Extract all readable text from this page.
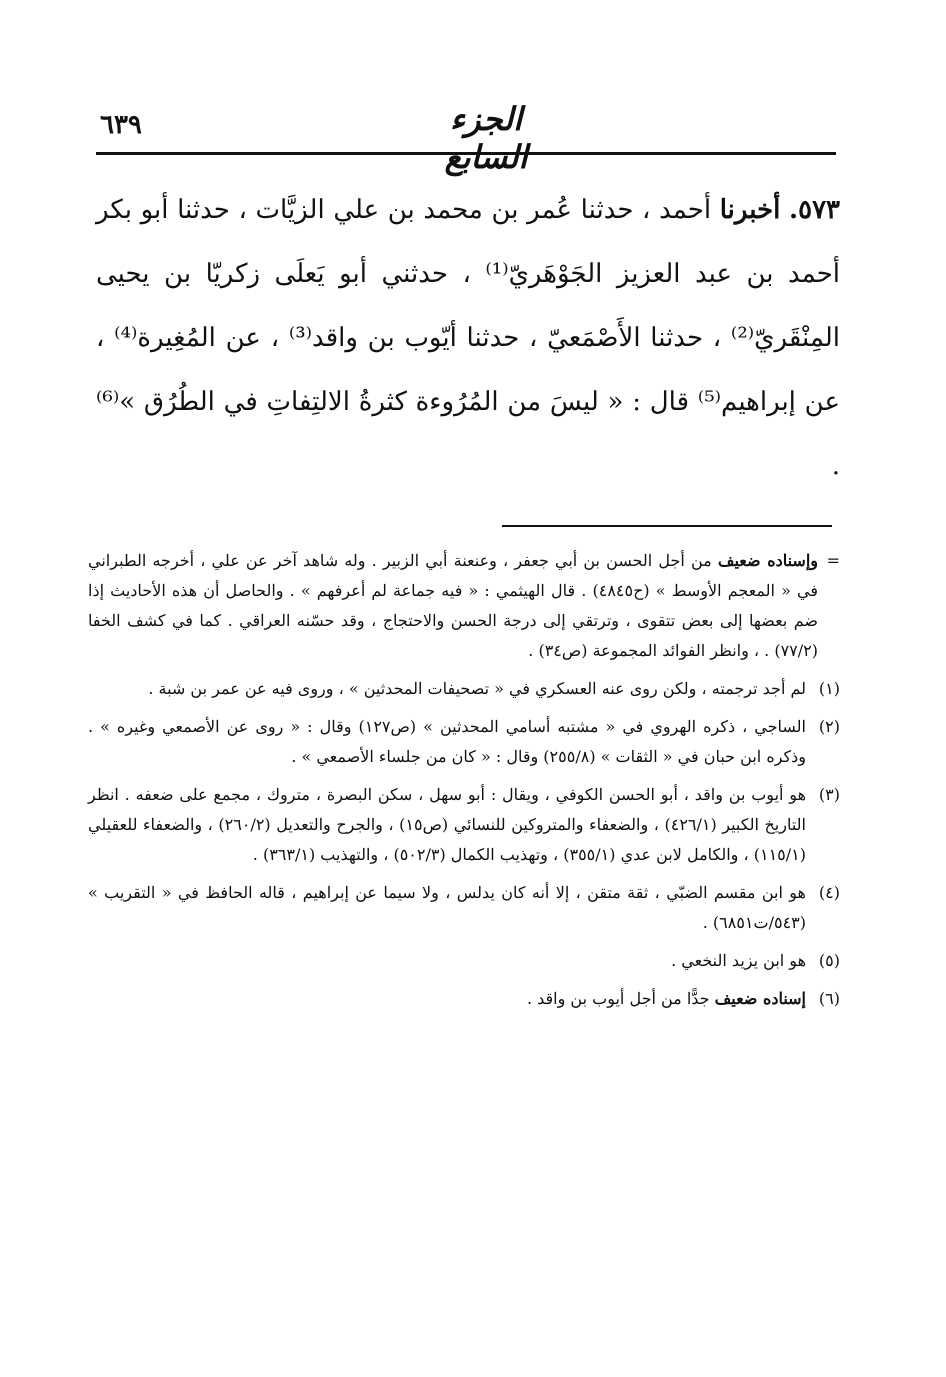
٦٣٩	الجزء السابع
٥٧٣. أخبرنا أحمد ، حدثنا عُمر بن محمد بن علي الزيَّات ، حدثنا أبو بكر أحمد بن عبد العزيز الجَوْهَريّ⁽¹⁾ ، حدثني أبو يَعلَى زكريّا بن يحيى المِنْقَريّ⁽²⁾ ، حدثنا الأَصْمَعيّ ، حدثنا أيّوب بن واقد⁽³⁾ ، عن المُغِيرة⁽⁴⁾ ، عن إبراهيم⁽⁵⁾ قال : « ليسَ من المُرُوءة كثرةُ الالتِفاتِ في الطُرُق »⁽⁶⁾ .
=
وإسناده ضعيف من أجل الحسن بن أبي جعفر ، وعنعنة أبي الزبير . وله شاهد آخر عن علي ، أخرجه الطبراني في « المعجم الأوسط » (ح٤٨٤٥) . قال الهيثمي : « فيه جماعة لم أعرفهم » . والحاصل أن هذه الأحاديث إذا ضم بعضها إلى بعض تتقوى ، وترتقي إلى درجة الحسن والاحتجاج ، وقد حسّنه العراقي . كما في كشف الخفا (٧٧/٢) . ، وانظر الفوائد المجموعة (ص٣٤) .
(١)
لم أجد ترجمته ، ولكن روى عنه العسكري في « تصحيفات المحدثين » ، وروى فيه عن عمر بن شبة .
(٢)
الساجي ، ذكره الهروي في « مشتبه أسامي المحدثين » (ص١٢٧) وقال : « روى عن الأصمعي وغيره » . وذكره ابن حبان في « الثقات » (٢٥٥/٨) وقال : « كان من جلساء الأصمعي » .
(٣)
هو أيوب بن واقد ، أبو الحسن الكوفي ، ويقال : أبو سهل ، سكن البصرة ، متروك ، مجمع على ضعفه . انظر التاريخ الكبير (٤٢٦/١) ، والضعفاء والمتروكين للنسائي (ص١٥) ، والجرح والتعديل (٢٦٠/٢) ، والضعفاء للعقيلي (١١٥/١) ، والكامل لابن عدي (٣٥٥/١) ، وتهذيب الكمال (٥٠٢/٣) ، والتهذيب (٣٦٣/١) .
(٤)
هو ابن مقسم الضبّي ، ثقة متقن ، إلا أنه كان يدلس ، ولا سيما عن إبراهيم ، قاله الحافظ في « التقريب » (٥٤٣/ت٦٨٥١) .
(٥)
هو ابن يزيد النخعي .
(٦)
إسناده ضعيف جدًّا من أجل أيوب بن واقد .
